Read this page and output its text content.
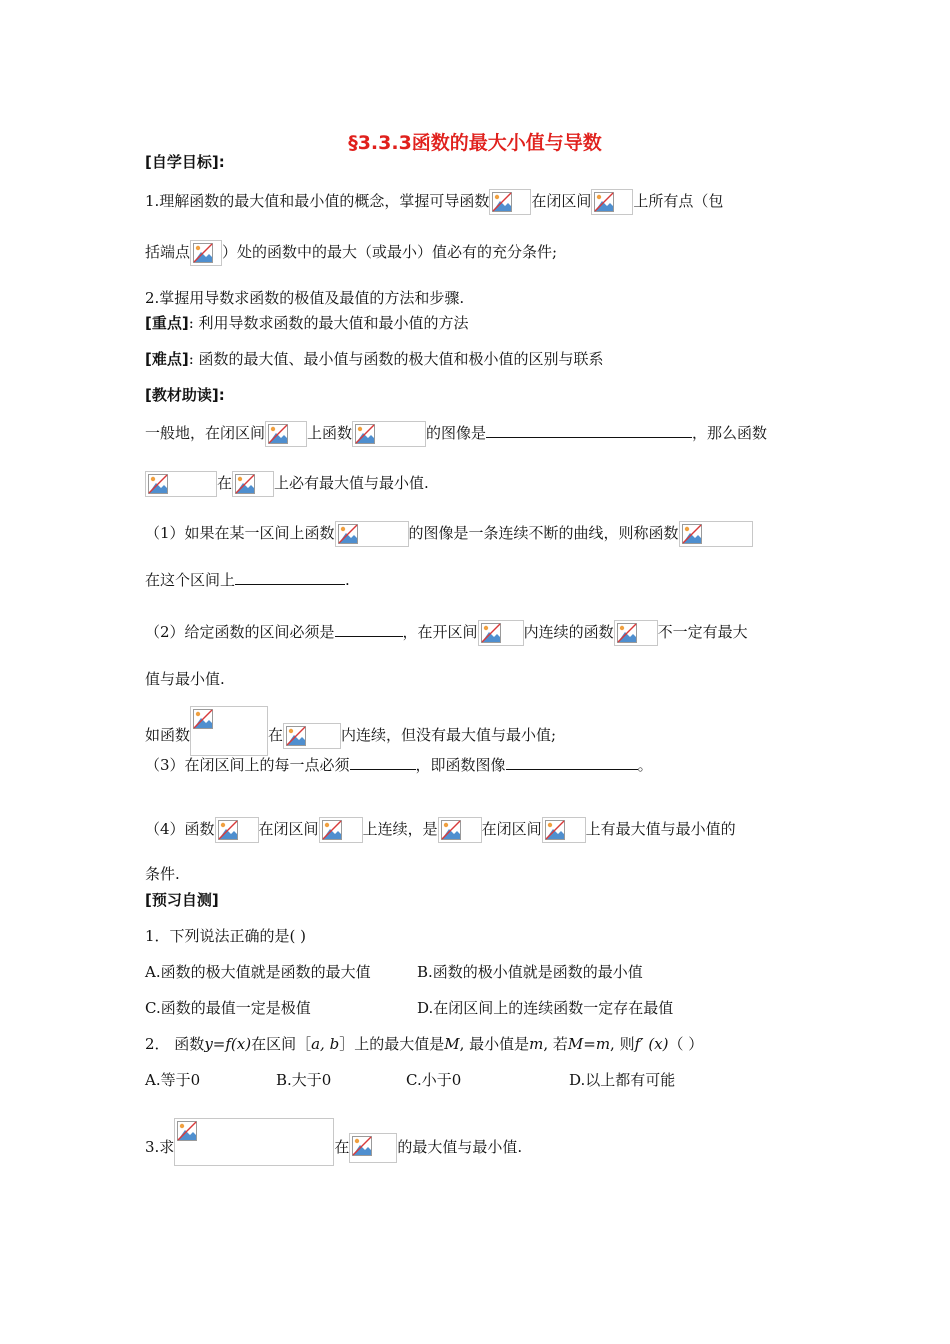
§3.3.3函数的最大小值与导数
[自学目标]:
1.理解函数的最大值和最小值的概念，掌握可导函数	在闭区间	上所有点（包
括端点 ）处的函数中的最大（或最小）值必有的充分条件;
2.掌握用导数求函数的极值及最值的方法和步骤.
[重点]: 利用导数求函数的最大值和最小值的方法
[难点]: 函数的最大值、最小值与函数的极大值和极小值的区别与联系
[教材助读]:
一般地，在闭区间	上函数	的图像是	，那么函数
在	上必有最大值与最小值.
（1）如果在某一区间上函数	的图像是一条连续不断的曲线，则称函数
在这个区间上	.
（2）给定函数的区间必须是	，在开区间	内连续的函数	不一定有最大
值与最小值.
如函数	在	内连续，但没有最大值与最小值;
（3）在闭区间上的每一点必须	，即函数图像	。
（4）函数	在闭区间	上连续，是	在闭区间	上有最大值与最小值的
条件.
[预习自测]
1．下列说法正确的是( )
A.函数的极大值就是函数的最大值	B.函数的极小值就是函数的最小值
C.函数的最值一定是极值	D.在闭区间上的连续函数一定存在最值
2． 函数y=f(x)在区间［a, b］上的最大值是M, 最小值是m, 若M=m, 则f′ (x)（ ）
A.等于0	B.大于0	C.小于0	D.以上都有可能
3.求	在	的最大值与最小值.
